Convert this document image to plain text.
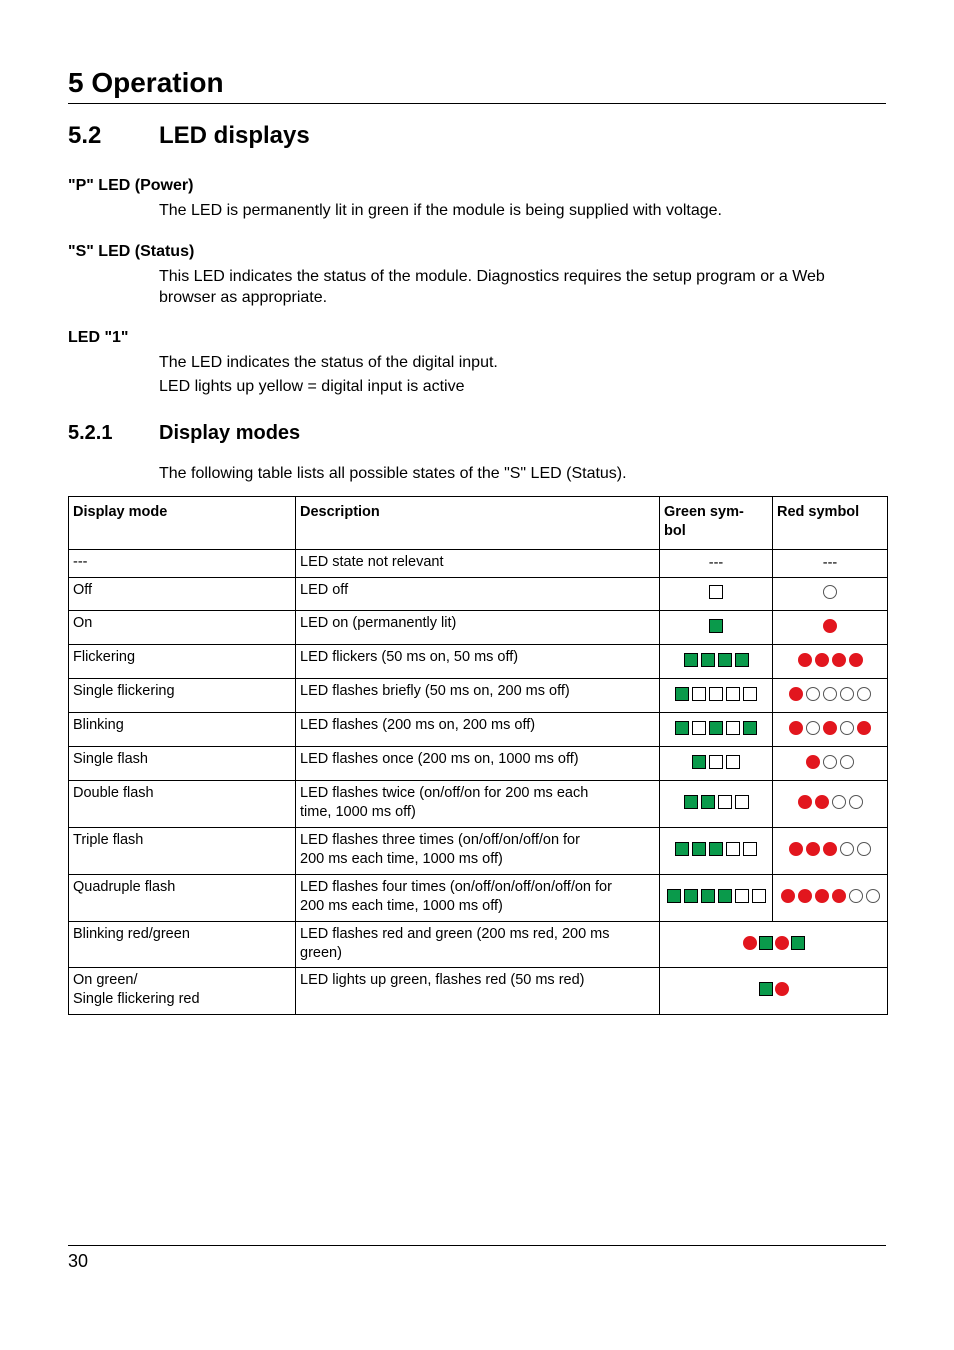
5 Operation
5.2 LED displays
"P" LED (Power)
The LED is permanently lit in green if the module is being supplied with voltage.
"S" LED (Status)
This LED indicates the status of the module. Diagnostics requires the setup program or a Web
browser as appropriate.
LED "1"
The LED indicates the status of the digital input.
LED lights up yellow = digital input is active
5.2.1 Display modes
The following table lists all possible states of the "S" LED (Status).
Display mode	Description	Green sym-
bol	Red symbol

---	LED state not relevant	---	---

Off	LED off		

On	LED on (permanently lit)		

Flickering	LED flickers (50 ms on, 50 ms off)		

Single flickering	LED flashes briefly (50 ms on, 200 ms off)		

Blinking	LED flashes (200 ms on, 200 ms off)		

Single flash	LED flashes once (200 ms on, 1000 ms off)		

Double flash	LED flashes twice (on/off/on for 200 ms each
time, 1000 ms off)		

Triple flash	LED flashes three times (on/off/on/off/on for
200 ms each time, 1000 ms off)		

Quadruple flash	LED flashes four times (on/off/on/off/on/off/on for
200 ms each time, 1000 ms off)		

Blinking red/green	LED flashes red and green (200 ms red, 200 ms
green)		

On green/
Single flickering red	LED lights up green, flashes red (50 ms red)		

30
